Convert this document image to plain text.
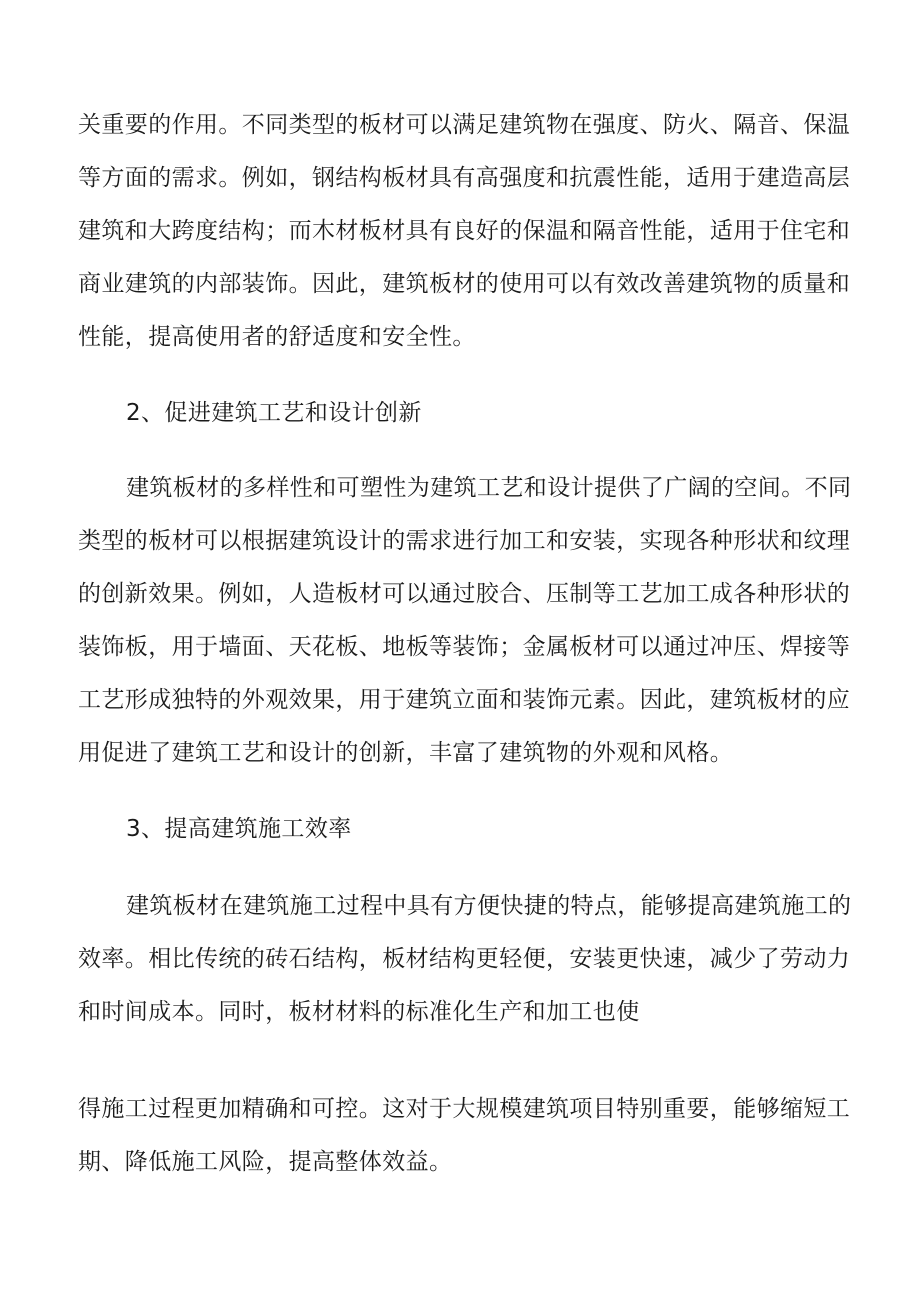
关重要的作用。不同类型的板材可以满足建筑物在强度、防火、隔音、保温
等方面的需求。例如，钢结构板材具有高强度和抗震性能，适用于建造高层
建筑和大跨度结构；而木材板材具有良好的保温和隔音性能，适用于住宅和
商业建筑的内部装饰。因此，建筑板材的使用可以有效改善建筑物的质量和
性能，提高使用者的舒适度和安全性。
2、促进建筑工艺和设计创新
建筑板材的多样性和可塑性为建筑工艺和设计提供了广阔的空间。不同
类型的板材可以根据建筑设计的需求进行加工和安装，实现各种形状和纹理
的创新效果。例如，人造板材可以通过胶合、压制等工艺加工成各种形状的
装饰板，用于墙面、天花板、地板等装饰；金属板材可以通过冲压、焊接等
工艺形成独特的外观效果，用于建筑立面和装饰元素。因此，建筑板材的应
用促进了建筑工艺和设计的创新，丰富了建筑物的外观和风格。
3、提高建筑施工效率
建筑板材在建筑施工过程中具有方便快捷的特点，能够提高建筑施工的
效率。相比传统的砖石结构，板材结构更轻便，安装更快速，减少了劳动力
和时间成本。同时，板材材料的标准化生产和加工也使
得施工过程更加精确和可控。这对于大规模建筑项目特别重要，能够缩短工
期、降低施工风险，提高整体效益。
